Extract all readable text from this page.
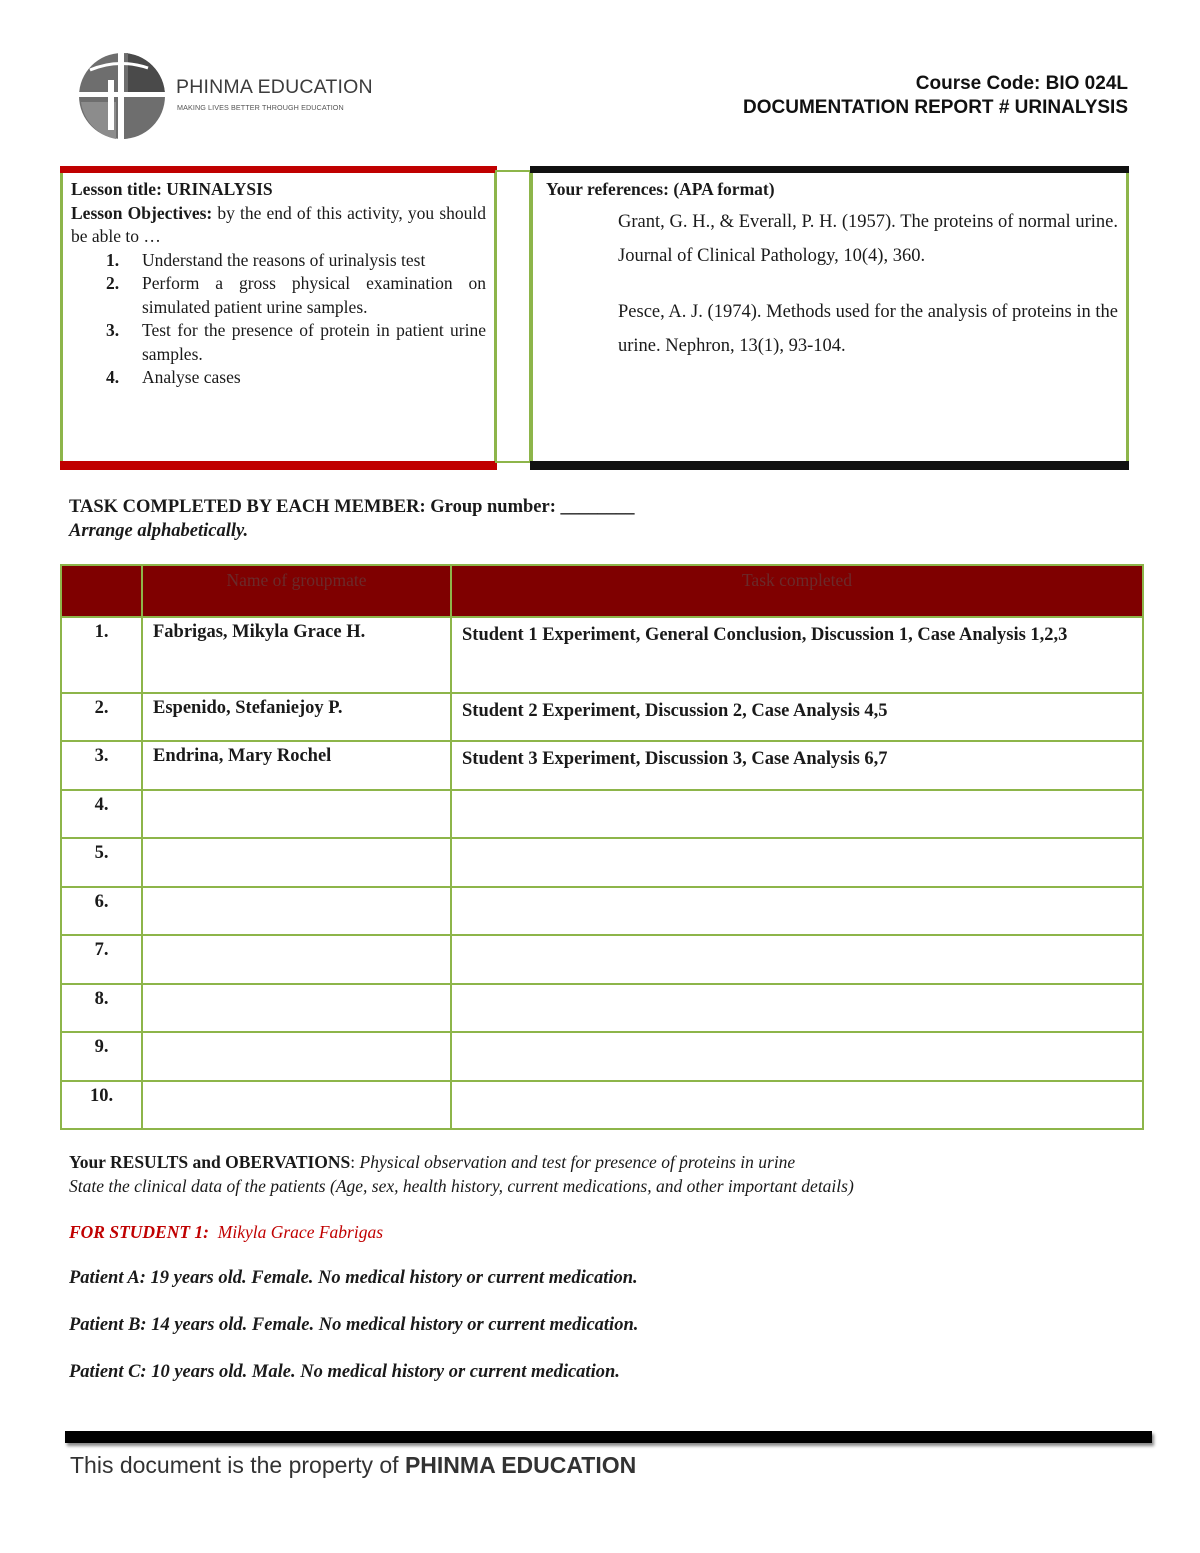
PHINMA EDUCATION
MAKING LIVES BETTER THROUGH EDUCATION
Course Code: BIO 024L
DOCUMENTATION REPORT # URINALYSIS
Lesson title: URINALYSIS
Lesson Objectives: by the end of this activity, you should be able to …
1. Understand the reasons of urinalysis test
2. Perform a gross physical examination on simulated patient urine samples.
3. Test for the presence of protein in patient urine samples.
4. Analyse cases
Your references: (APA format)
Grant, G. H., & Everall, P. H. (1957). The proteins of normal urine. Journal of Clinical Pathology, 10(4), 360.
Pesce, A. J. (1974). Methods used for the analysis of proteins in the urine. Nephron, 13(1), 93-104.
TASK COMPLETED BY EACH MEMBER: Group number: ________
Arrange alphabetically.
	Name of groupmate	Task completed
1.	Fabrigas, Mikyla Grace H.	Student 1 Experiment, General Conclusion, Discussion 1, Case Analysis 1,2,3
2.	Espenido, Stefaniejoy P.	Student 2 Experiment, Discussion 2, Case Analysis 4,5
3.	Endrina, Mary Rochel	Student 3 Experiment, Discussion 3, Case Analysis 6,7
4.		
5.		
6.		
7.		
8.		
9.		
10.		
Your RESULTS and OBERVATIONS: Physical observation and test for presence of proteins in urine
State the clinical data of the patients (Age, sex, health history, current medications, and other important details)
FOR STUDENT 1: Mikyla Grace Fabrigas

Patient A: 19 years old. Female. No medical history or current medication.

Patient B: 14 years old. Female. No medical history or current medication.

Patient C: 10 years old. Male. No medical history or current medication.

This document is the property of PHINMA EDUCATION
